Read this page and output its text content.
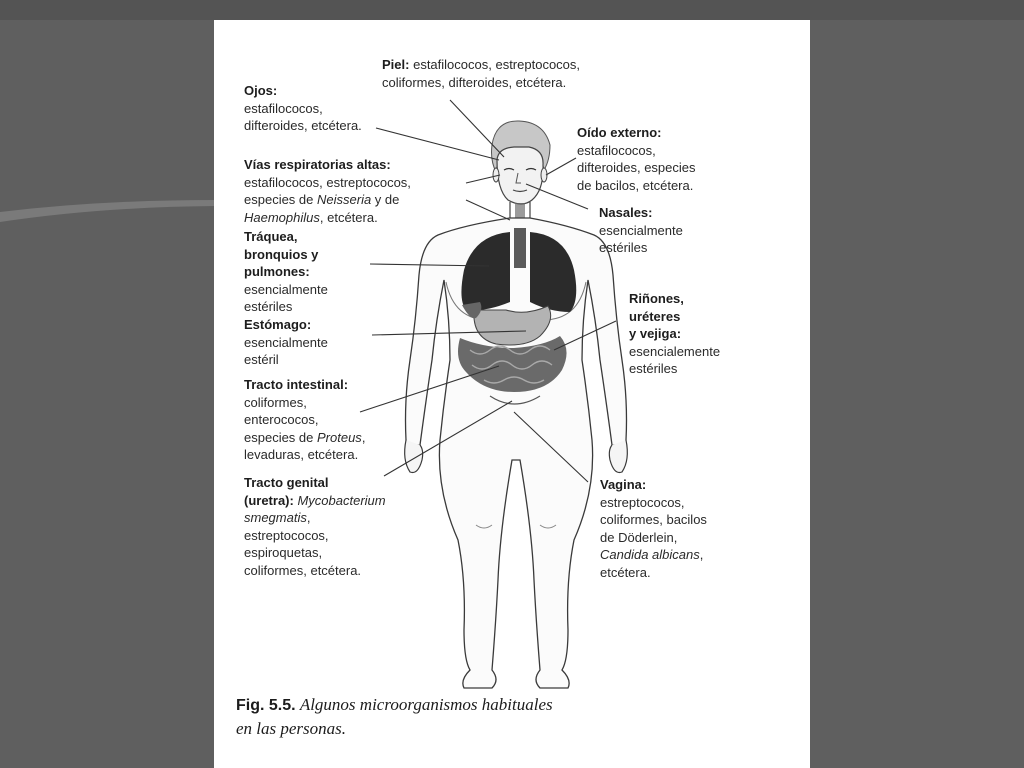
Piel: estafilococos, estreptococos,
coliformes, difteroides, etcétera.
Ojos:
estafilococos,
difteroides, etcétera.	Oído externo:
estafilococos,
difteroides, especies
de bacilos, etcétera.
Vías respiratorias altas:
estafilococos, estreptococos,
especies de Neisseria y de
Haemophilus, etcétera.	Nasales:
esencialmente
estériles
Tráquea,
bronquios y
pulmones:
esencialmente
estériles
Riñones,
uréteres
y vejiga:
esencialemente
estériles
Estómago:
esencialmente
estéril
Tracto intestinal:
coliformes,
enterococos,
especies de Proteus,
levaduras, etcétera.
Tracto genital
(uretra): Mycobacterium
smegmatis,
estreptococos,
espiroquetas,
coliformes, etcétera.
Vagina:
estreptococos,
coliformes, bacilos
de Döderlein,
Candida albicans,
etcétera.
Fig. 5.5. Algunos microorganismos habituales
en las personas.
